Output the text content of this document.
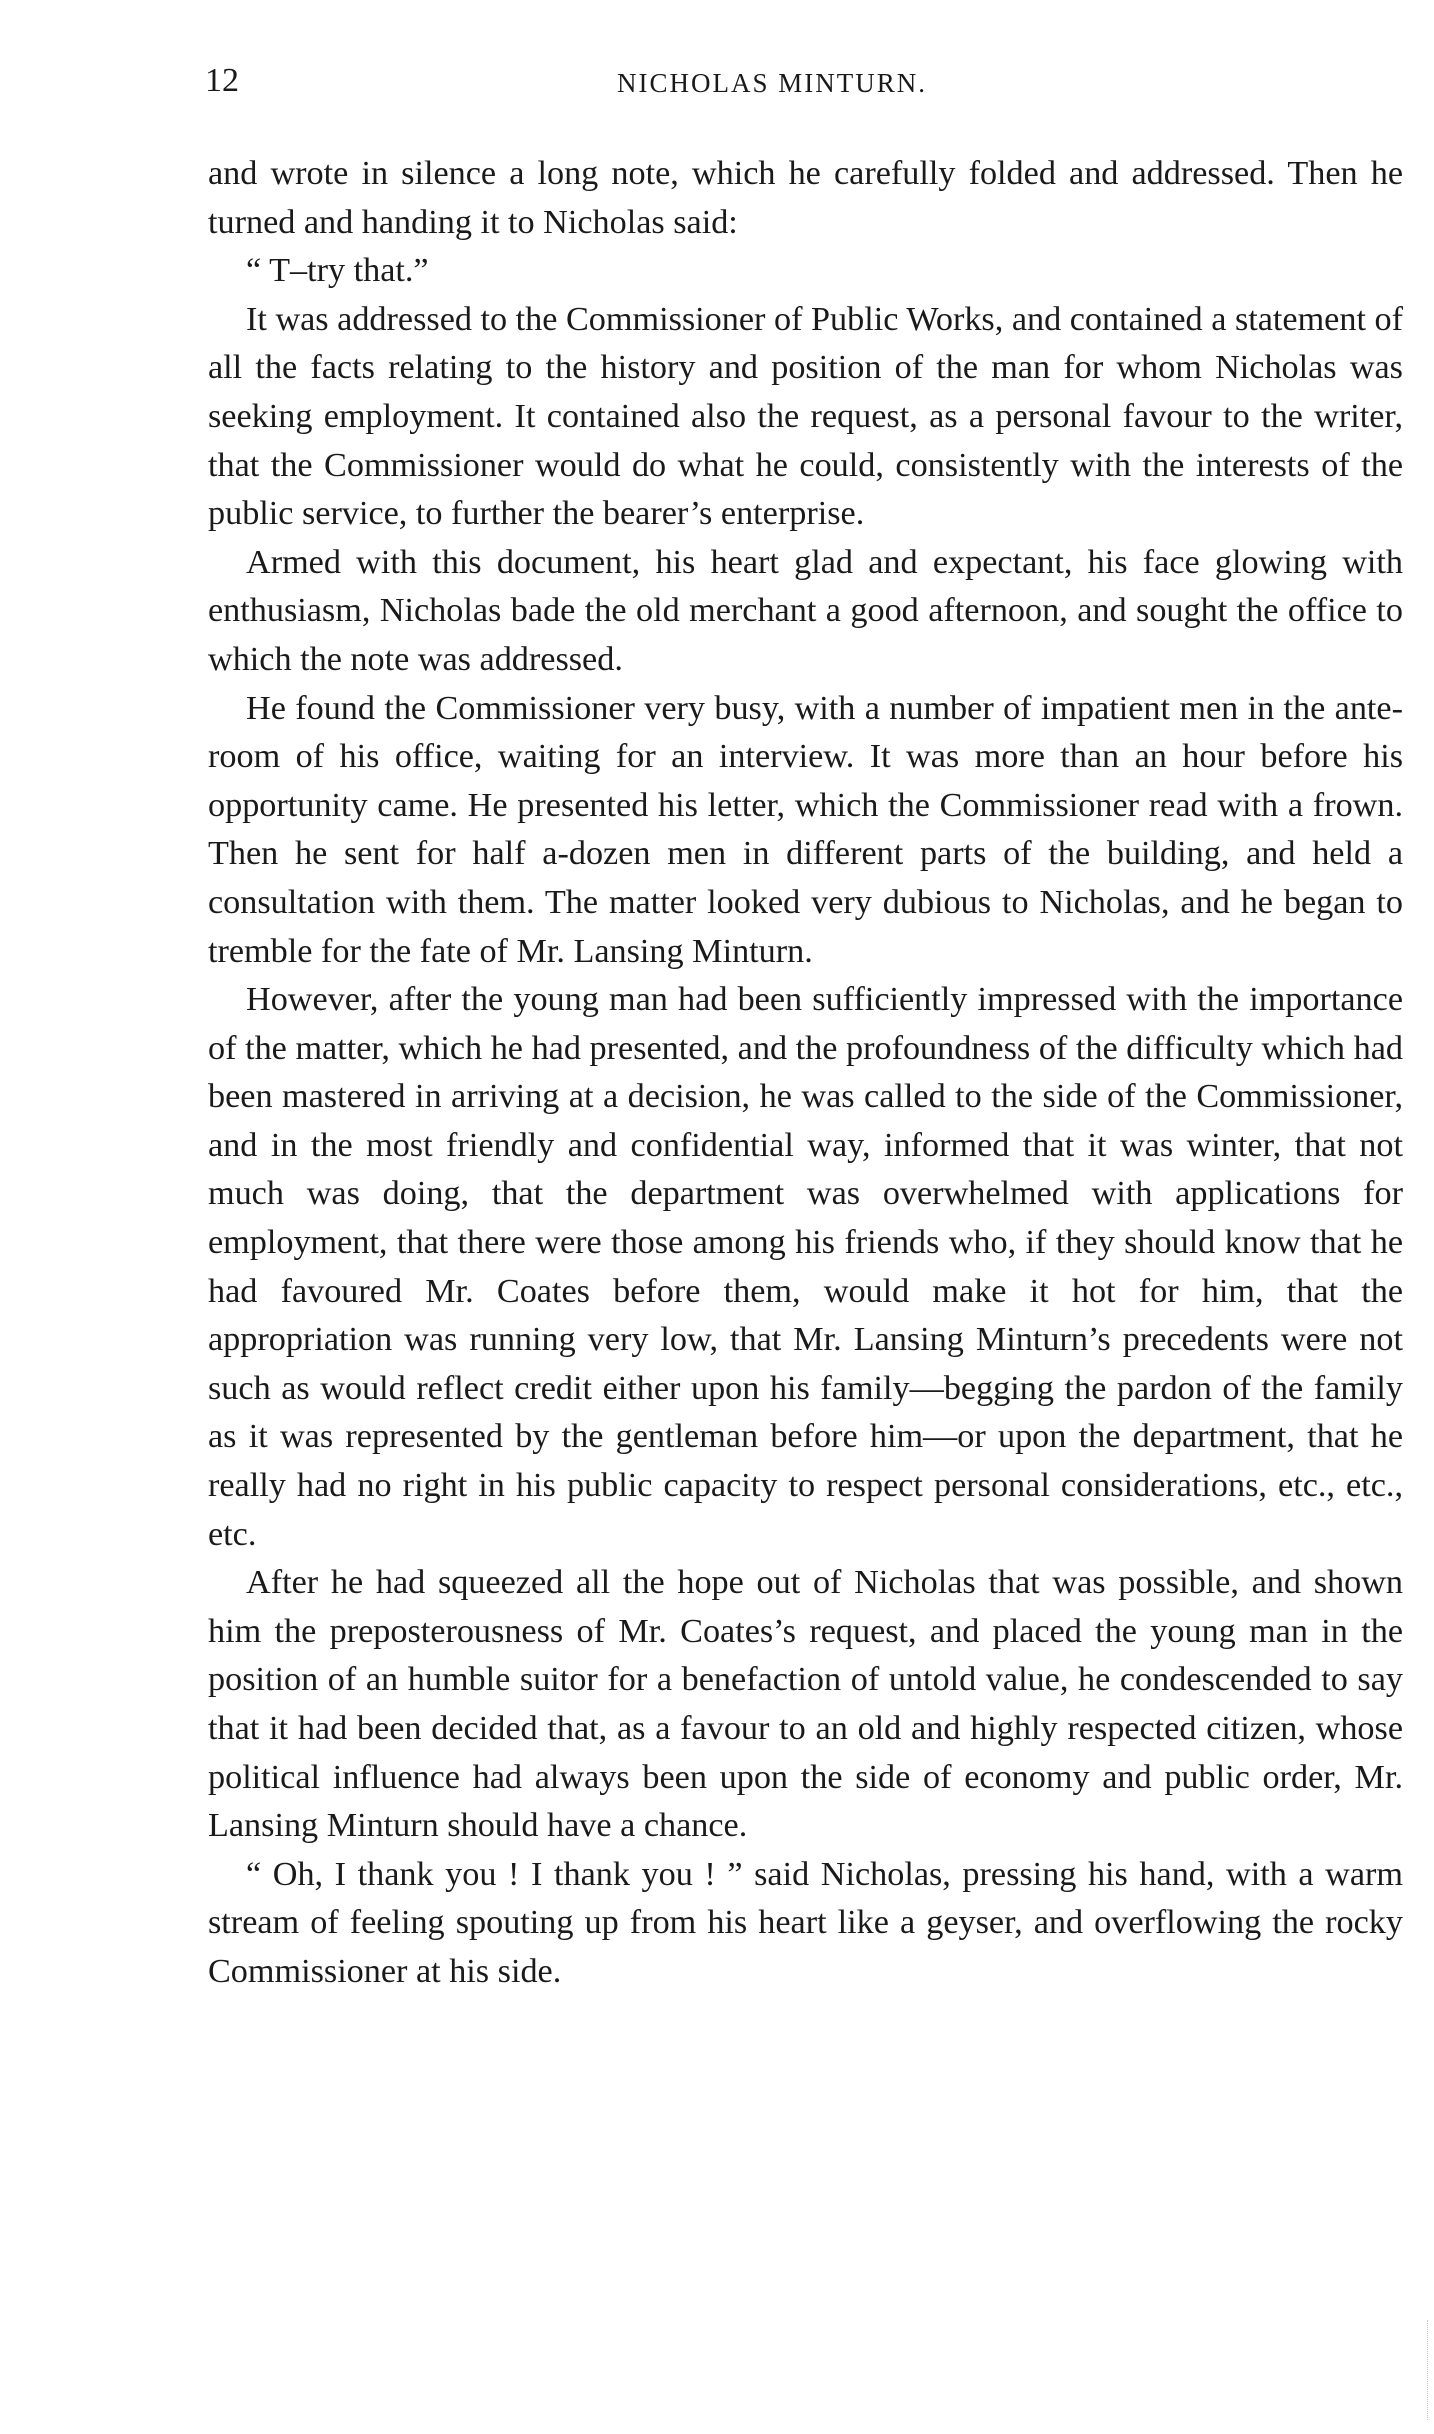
12	NICHOLAS MINTURN.

and wrote in silence a long note, which he carefully folded and addressed. Then he turned and handing it to Nicholas said:

“ T–try that.”

It was addressed to the Commissioner of Public Works, and contained a statement of all the facts relating to the history and position of the man for whom Nicholas was seeking employment. It contained also the request, as a personal favour to the writer, that the Commissioner would do what he could, consistently with the interests of the public service, to further the bearer’s enterprise.

Armed with this document, his heart glad and expectant, his face glowing with enthusiasm, Nicholas bade the old merchant a good afternoon, and sought the office to which the note was addressed.

He found the Commissioner very busy, with a number of impatient men in the ante-room of his office, waiting for an interview. It was more than an hour before his opportunity came. He presented his letter, which the Commissioner read with a frown. Then he sent for half a-dozen men in different parts of the building, and held a consultation with them. The matter looked very dubious to Nicholas, and he began to tremble for the fate of Mr. Lansing Minturn.

However, after the young man had been sufficiently impressed with the importance of the matter, which he had presented, and the profoundness of the difficulty which had been mastered in arriving at a decision, he was called to the side of the Commissioner, and in the most friendly and confidential way, informed that it was winter, that not much was doing, that the department was overwhelmed with applications for employment, that there were those among his friends who, if they should know that he had favoured Mr. Coates before them, would make it hot for him, that the appropriation was running very low, that Mr. Lansing Minturn’s precedents were not such as would reflect credit either upon his family—begging the pardon of the family as it was represented by the gentleman before him—or upon the department, that he really had no right in his public capacity to respect personal considerations, etc., etc., etc.

After he had squeezed all the hope out of Nicholas that was possible, and shown him the preposterousness of Mr. Coates’s request, and placed the young man in the position of an humble suitor for a benefaction of untold value, he condescended to say that it had been decided that, as a favour to an old and highly respected citizen, whose political influence had always been upon the side of economy and public order, Mr. Lansing Minturn should have a chance.

“ Oh, I thank you ! I thank you ! ” said Nicholas, pressing his hand, with a warm stream of feeling spouting up from his heart like a geyser, and overflowing the rocky Commissioner at his side.
